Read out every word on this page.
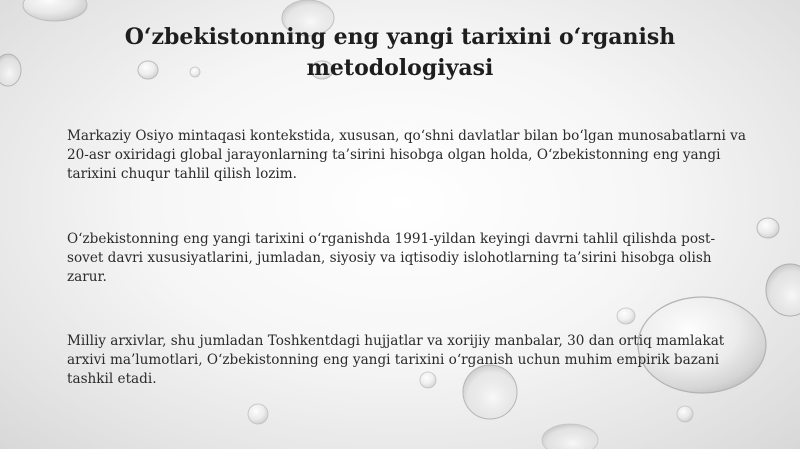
O‘zbekistonning eng yangi tarixini o‘rganish metodologiyasi

Markaziy Osiyo mintaqasi kontekstida, xususan, qo‘shni davlatlar bilan bo‘lgan munosabatlarni va 20-asr oxiridagi global jarayonlarning ta’sirini hisobga olgan holda, O‘zbekistonning eng yangi tarixini chuqur tahlil qilish lozim.

O‘zbekistonning eng yangi tarixini o‘rganishda 1991-yildan keyingi davrni tahlil qilishda post-sovet davri xususiyatlarini, jumladan, siyosiy va iqtisodiy islohotlarning ta’sirini hisobga olish zarur.

Milliy arxivlar, shu jumladan Toshkentdagi hujjatlar va xorijiy manbalar, 30 dan ortiq mamlakat arxivi ma’lumotlari, O‘zbekistonning eng yangi tarixini o‘rganish uchun muhim empirik bazani tashkil etadi.
